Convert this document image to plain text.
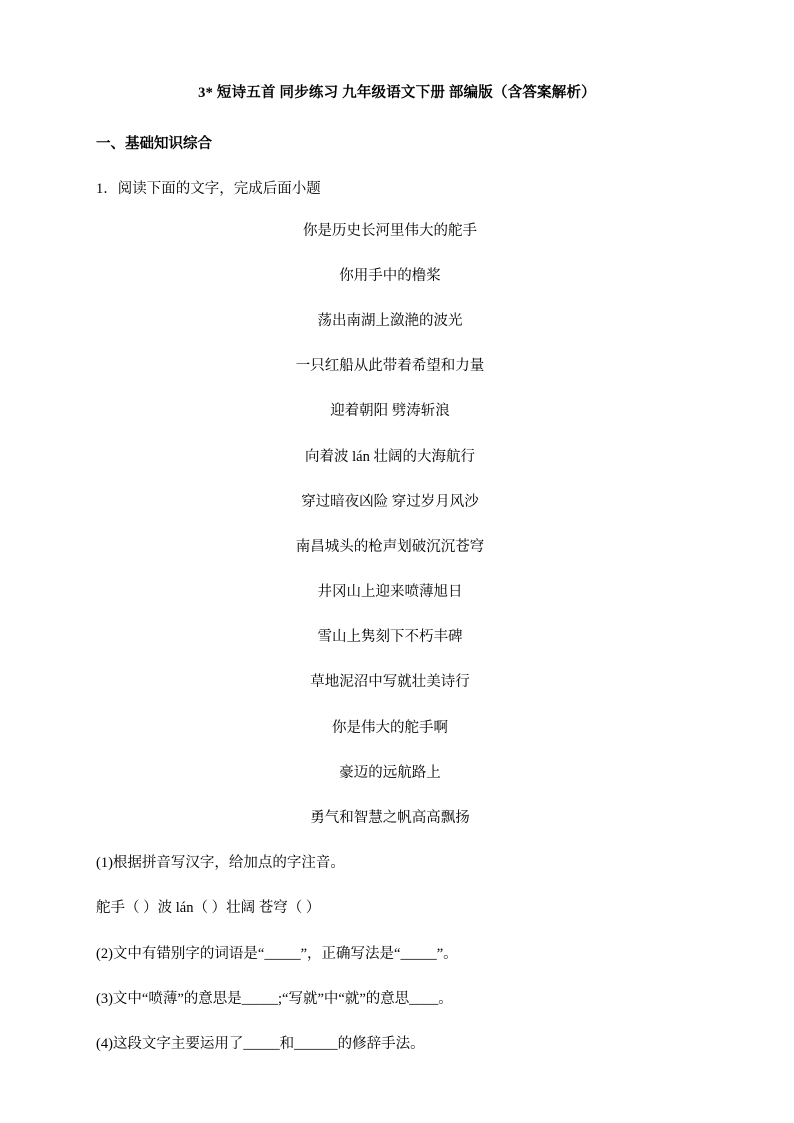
3* 短诗五首 同步练习 九年级语文下册 部编版（含答案解析）
一、基础知识综合
1．阅读下面的文字，完成后面小题
你是历史长河里伟大的舵手
你用手中的橹桨
荡出南湖上潋滟的波光
一只红船从此带着希望和力量
迎着朝阳 劈涛斩浪
向着波 lán 壮阔的大海航行
穿过暗夜凶险 穿过岁月风沙
南昌城头的枪声划破沉沉苍穹
井冈山上迎来喷薄旭日
雪山上隽刻下不朽丰碑
草地泥沼中写就壮美诗行
你是伟大的舵手啊
豪迈的远航路上
勇气和智慧之帆高高飘扬
(1)根据拼音写汉字，给加点的字注音。
舵手（ ）波 lán（ ）壮阔 苍穹（ ）
(2)文中有错别字的词语是“_____”，正确写法是“_____”。
(3)文中“喷薄”的意思是_____;“写就”中“就”的意思____。
(4)这段文字主要运用了_____和______的修辞手法。
